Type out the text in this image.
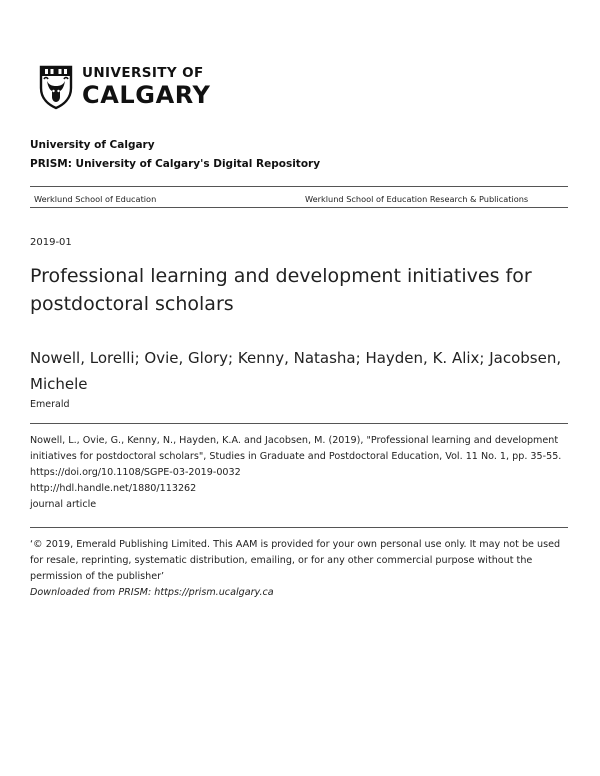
UNIVERSITY OF
CALGARY
University of Calgary
PRISM: University of Calgary's Digital Repository
Werklund School of Education	Werklund School of Education Research & Publications
2019-01
Professional learning and development initiatives for postdoctoral scholars
Nowell, Lorelli; Ovie, Glory; Kenny, Natasha; Hayden, K. Alix; Jacobsen, Michele
Emerald
Nowell, L., Ovie, G., Kenny, N., Hayden, K.A. and Jacobsen, M. (2019), "Professional learning and development initiatives for postdoctoral scholars", Studies in Graduate and Postdoctoral Education, Vol. 11 No. 1, pp. 35-55. https://doi.org/10.1108/SGPE-03-2019-0032
http://hdl.handle.net/1880/113262
journal article
‘© 2019, Emerald Publishing Limited. This AAM is provided for your own personal use only. It may not be used for resale, reprinting, systematic distribution, emailing, or for any other commercial purpose without the permission of the publisher’
Downloaded from PRISM: https://prism.ucalgary.ca
